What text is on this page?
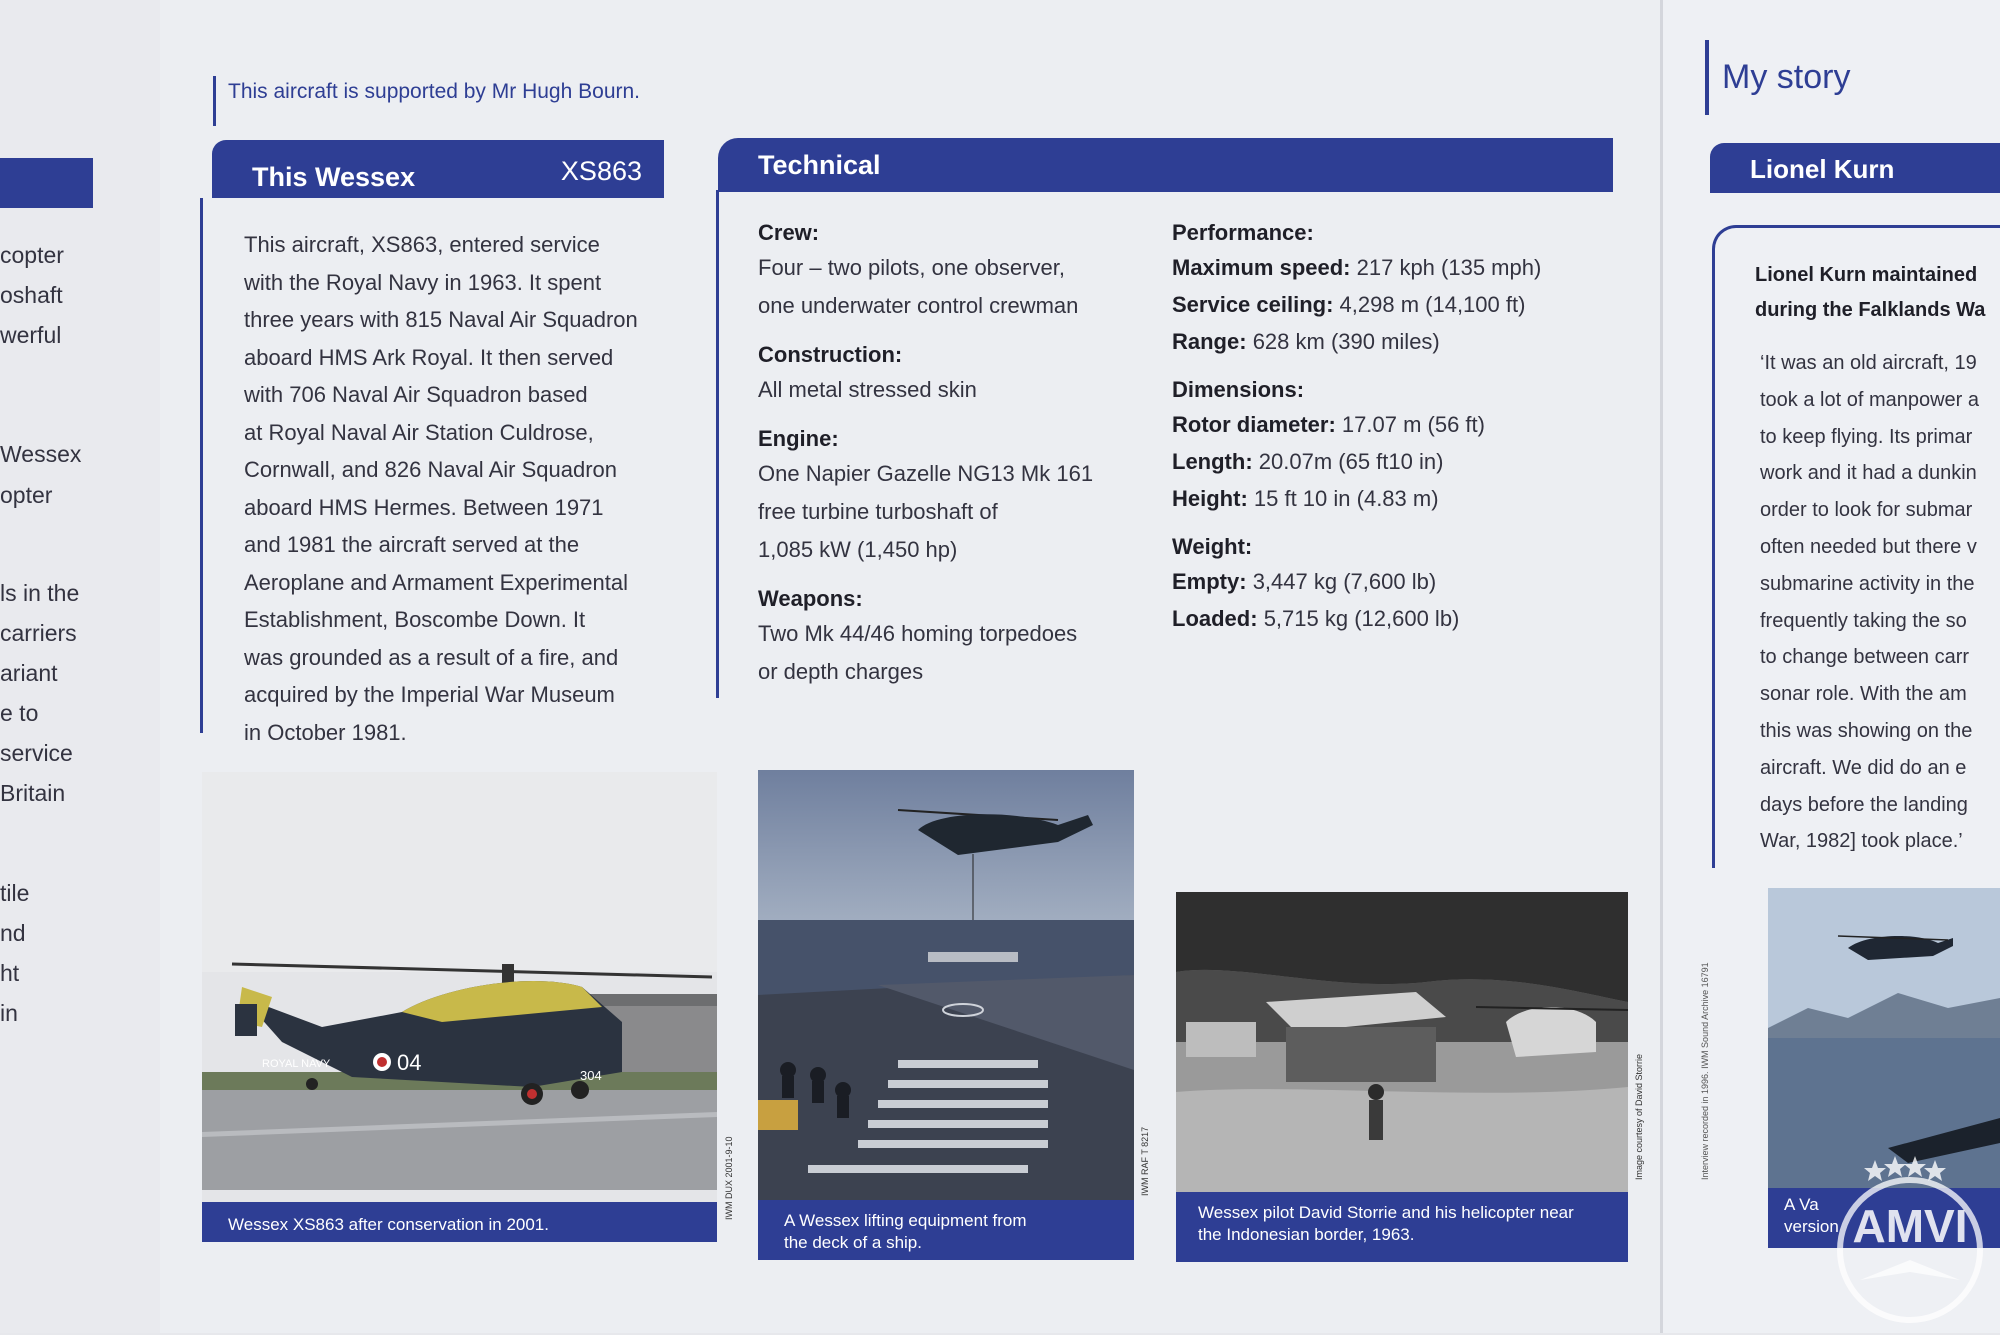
copter
oshaft
werful
Wessex
opter
ls in the
carriers
ariant
e to
service
Britain
tile
nd
ht
in
This aircraft is supported by Mr Hugh Bourn.
This Wessex	XS863
This aircraft, XS863, entered service
with the Royal Navy in 1963. It spent
three years with 815 Naval Air Squadron
aboard HMS Ark Royal. It then served
with 706 Naval Air Squadron based
at Royal Naval Air Station Culdrose,
Cornwall, and 826 Naval Air Squadron
aboard HMS Hermes. Between 1971
and 1981 the aircraft served at the
Aeroplane and Armament Experimental
Establishment, Boscombe Down. It
was grounded as a result of a fire, and
acquired by the Imperial War Museum
in October 1981.
Technical

Crew:

Four – two pilots, one observer,

one underwater control crewman

Construction:

All metal stressed skin

Engine:

One Napier Gazelle NG13 Mk 161

free turbine turboshaft of

1,085 kW (1,450 hp)

Weapons:

Two Mk 44/46 homing torpedoes

or depth charges

Performance:

Maximum speed: 217 kph (135 mph)

Service ceiling: 4,298 m (14,100 ft)

Range: 628 km (390 miles)

Dimensions:

Rotor diameter: 17.07 m (56 ft)

Length: 20.07m (65 ft10 in)

Height: 15 ft 10 in (4.83 m)

Weight:

Empty: 3,447 kg (7,600 lb)

Loaded: 5,715 kg (12,600 lb)

My story
Lionel Kurn
Lionel Kurn maintained
during the Falklands Wa
‘It was an old aircraft, 19
took a lot of manpower a
to keep flying. Its primar
work and it had a dunkin
order to look for submar
often needed but there v
submarine activity in the
frequently taking the so
to change between carr
sonar role. With the am
this was showing on the
aircraft. We did do an e
days before the landing
War, 1982] took place.’
ROYAL NAVY	04
304
Wessex XS863 after conservation in 2001.
IWM DUX 2001-9-10
A Wessex lifting equipment from
the deck of a ship.
IWM RAF T 8217
Wessex pilot David Storrie and his helicopter near
the Indonesian border, 1963.
Image courtesy of David Storrie
A Va
version AMVI
